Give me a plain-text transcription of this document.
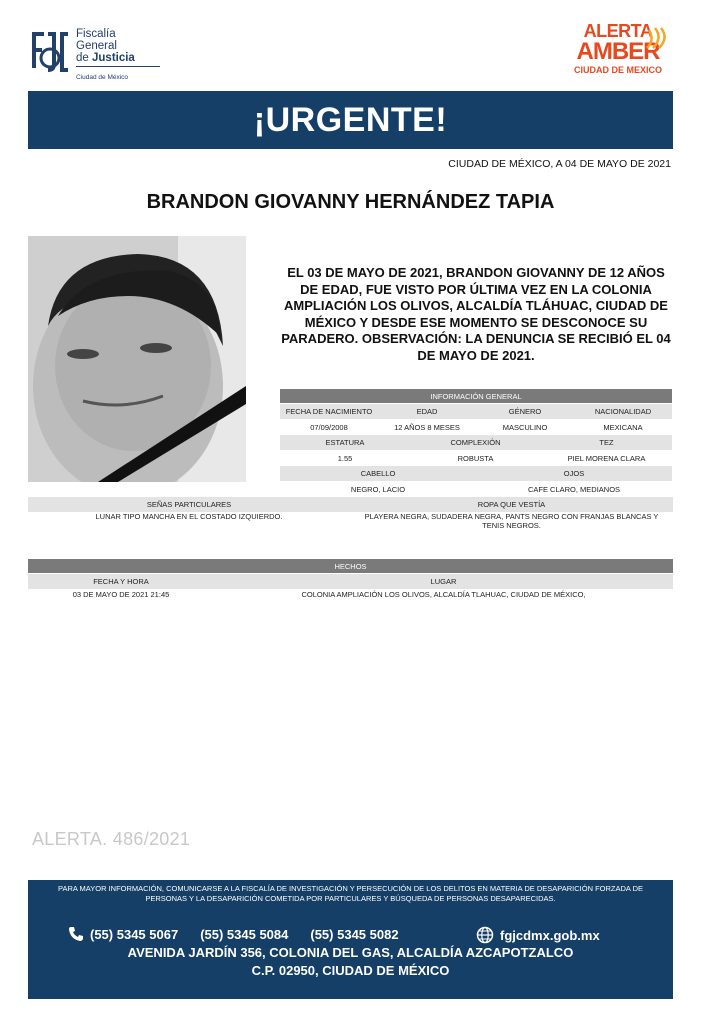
Fiscalía
General
de Justicia
Ciudad de México
ALERTA
AMBER
CIUDAD DE MEXICO
¡URGENTE!
CIUDAD DE MÉXICO, A 04 DE MAYO DE 2021
BRANDON GIOVANNY HERNÁNDEZ TAPIA
EL 03 DE MAYO DE 2021, BRANDON GIOVANNY DE 12 AÑOS DE EDAD, FUE VISTO POR ÚLTIMA VEZ EN LA COLONIA AMPLIACIÓN LOS OLIVOS, ALCALDÍA TLÁHUAC, CIUDAD DE MÉXICO Y DESDE ESE MOMENTO SE DESCONOCE SU PARADERO. OBSERVACIÓN: LA DENUNCIA SE RECIBIÓ EL 04 DE MAYO DE 2021.
INFORMACIÓN GENERAL
FECHA DE NACIMIENTO	EDAD	GÉNERO	NACIONALIDAD
07/09/2008	12 AÑOS 8 MESES	MASCULINO	MEXICANA
ESTATURA	COMPLEXIÓN	TEZ
1.55	ROBUSTA	PIEL MORENA CLARA
CABELLO	OJOS
NEGRO, LACIO	CAFE CLARO, MEDIANOS
SEÑAS PARTICULARES	ROPA QUE VESTÍA
LUNAR TIPO MANCHA EN EL COSTADO IZQUIERDO.	PLAYERA NEGRA, SUDADERA NEGRA, PANTS NEGRO CON FRANJAS BLANCAS Y TENIS NEGROS.
HECHOS
FECHA Y HORA	LUGAR
03 DE MAYO DE 2021 21:45	COLONIA AMPLIACIÓN LOS OLIVOS, ALCALDÍA TLAHUAC, CIUDAD DE MÉXICO,
ALERTA. 486/2021
PARA MAYOR INFORMACIÓN, COMUNICARSE A LA FISCALÍA DE INVESTIGACIÓN Y PERSECUCIÓN DE LOS DELITOS EN MATERIA DE DESAPARICIÓN FORZADA DE PERSONAS Y LA DESAPARICIÓN COMETIDA POR PARTICULARES Y BÚSQUEDA DE PERSONAS DESAPARECIDAS.
(55) 5345 5067 (55) 5345 5084 (55) 5345 5082	fgjcdmx.gob.mx
AVENIDA JARDÍN 356, COLONIA DEL GAS, ALCALDÍA AZCAPOTZALCO
C.P. 02950, CIUDAD DE MÉXICO
